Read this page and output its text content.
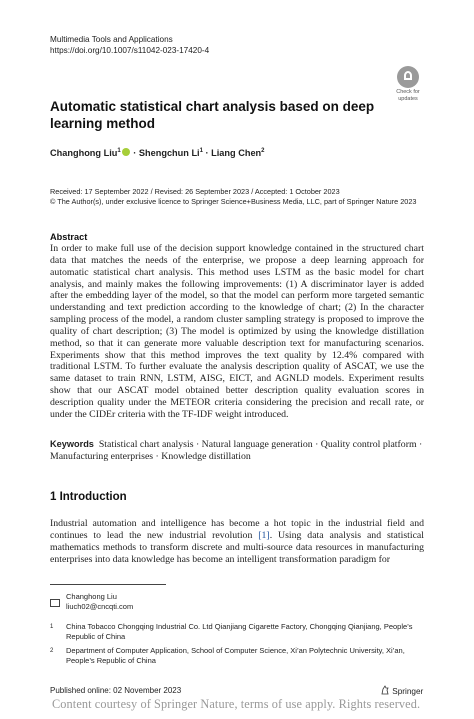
Multimedia Tools and Applications
https://doi.org/10.1007/s11042-023-17420-4
Check for
updates
Automatic statistical chart analysis based on deep learning method
Changhong Liu$^1$ · Shengchun $Li^1$ · Liang Chen$^2$
Received: 17 September 2022 / Revised: 26 September 2023 / Accepted: 1 October 2023
© The Author(s), under exclusive licence to Springer Science+Business Media, LLC, part of Springer Nature 2023
Abstract
In order to make full use of the decision support knowledge contained in the structured chart data that matches the needs of the enterprise, we propose a deep learning approach for automatic statistical chart analysis. This method uses LSTM as the basic model for chart analysis, and mainly makes the following improvements: (1) A discriminator layer is added after the embedding layer of the model, so that the model can perform more targeted semantic understanding and text prediction according to the knowledge of chart; (2) In the character sampling process of the model, a random cluster sampling strategy is proposed to improve the quality of chart description; (3) The model is optimized by using the knowledge distillation method, so that it can generate more valuable description text for manufacturing scenarios. Experiments show that this method improves the text quality by 12.4% compared with traditional LSTM. To further evaluate the analysis description quality of ASCAT, we use the same dataset to train RNN, LSTM, AISG, EICT, and AGNLD models. Experiment results show that our ASCAT model obtained better description quality evaluation scores in description quality under the METEOR criteria considering the precision and recall rate, or under the CIDEr criteria with the TF-IDF weight introduced.
Keywords Statistical chart analysis · Natural language generation · Quality control platform · Manufacturing enterprises · Knowledge distillation
1 Introduction
Industrial automation and intelligence has become a hot topic in the industrial field and continues to lead the new industrial revolution [1]. Using data analysis and statistical mathematics methods to transform discrete and multi-source data resources in manufacturing enterprises into data knowledge has become an intelligent transformation paradigm for
Changhong Liu
liuch02@cncqti.com
1 China Tobacco Chongqing Industrial Co. Ltd Qianjiang Cigarette Factory, Chongqing Qianjiang, People’s Republic of China
2 Department of Computer Application, School of Computer Science, Xi’an Polytechnic University, Xi’an, People’s Republic of China
Published online: 02 November 2023	Springer
Content courtesy of Springer Nature, terms of use apply. Rights reserved.
